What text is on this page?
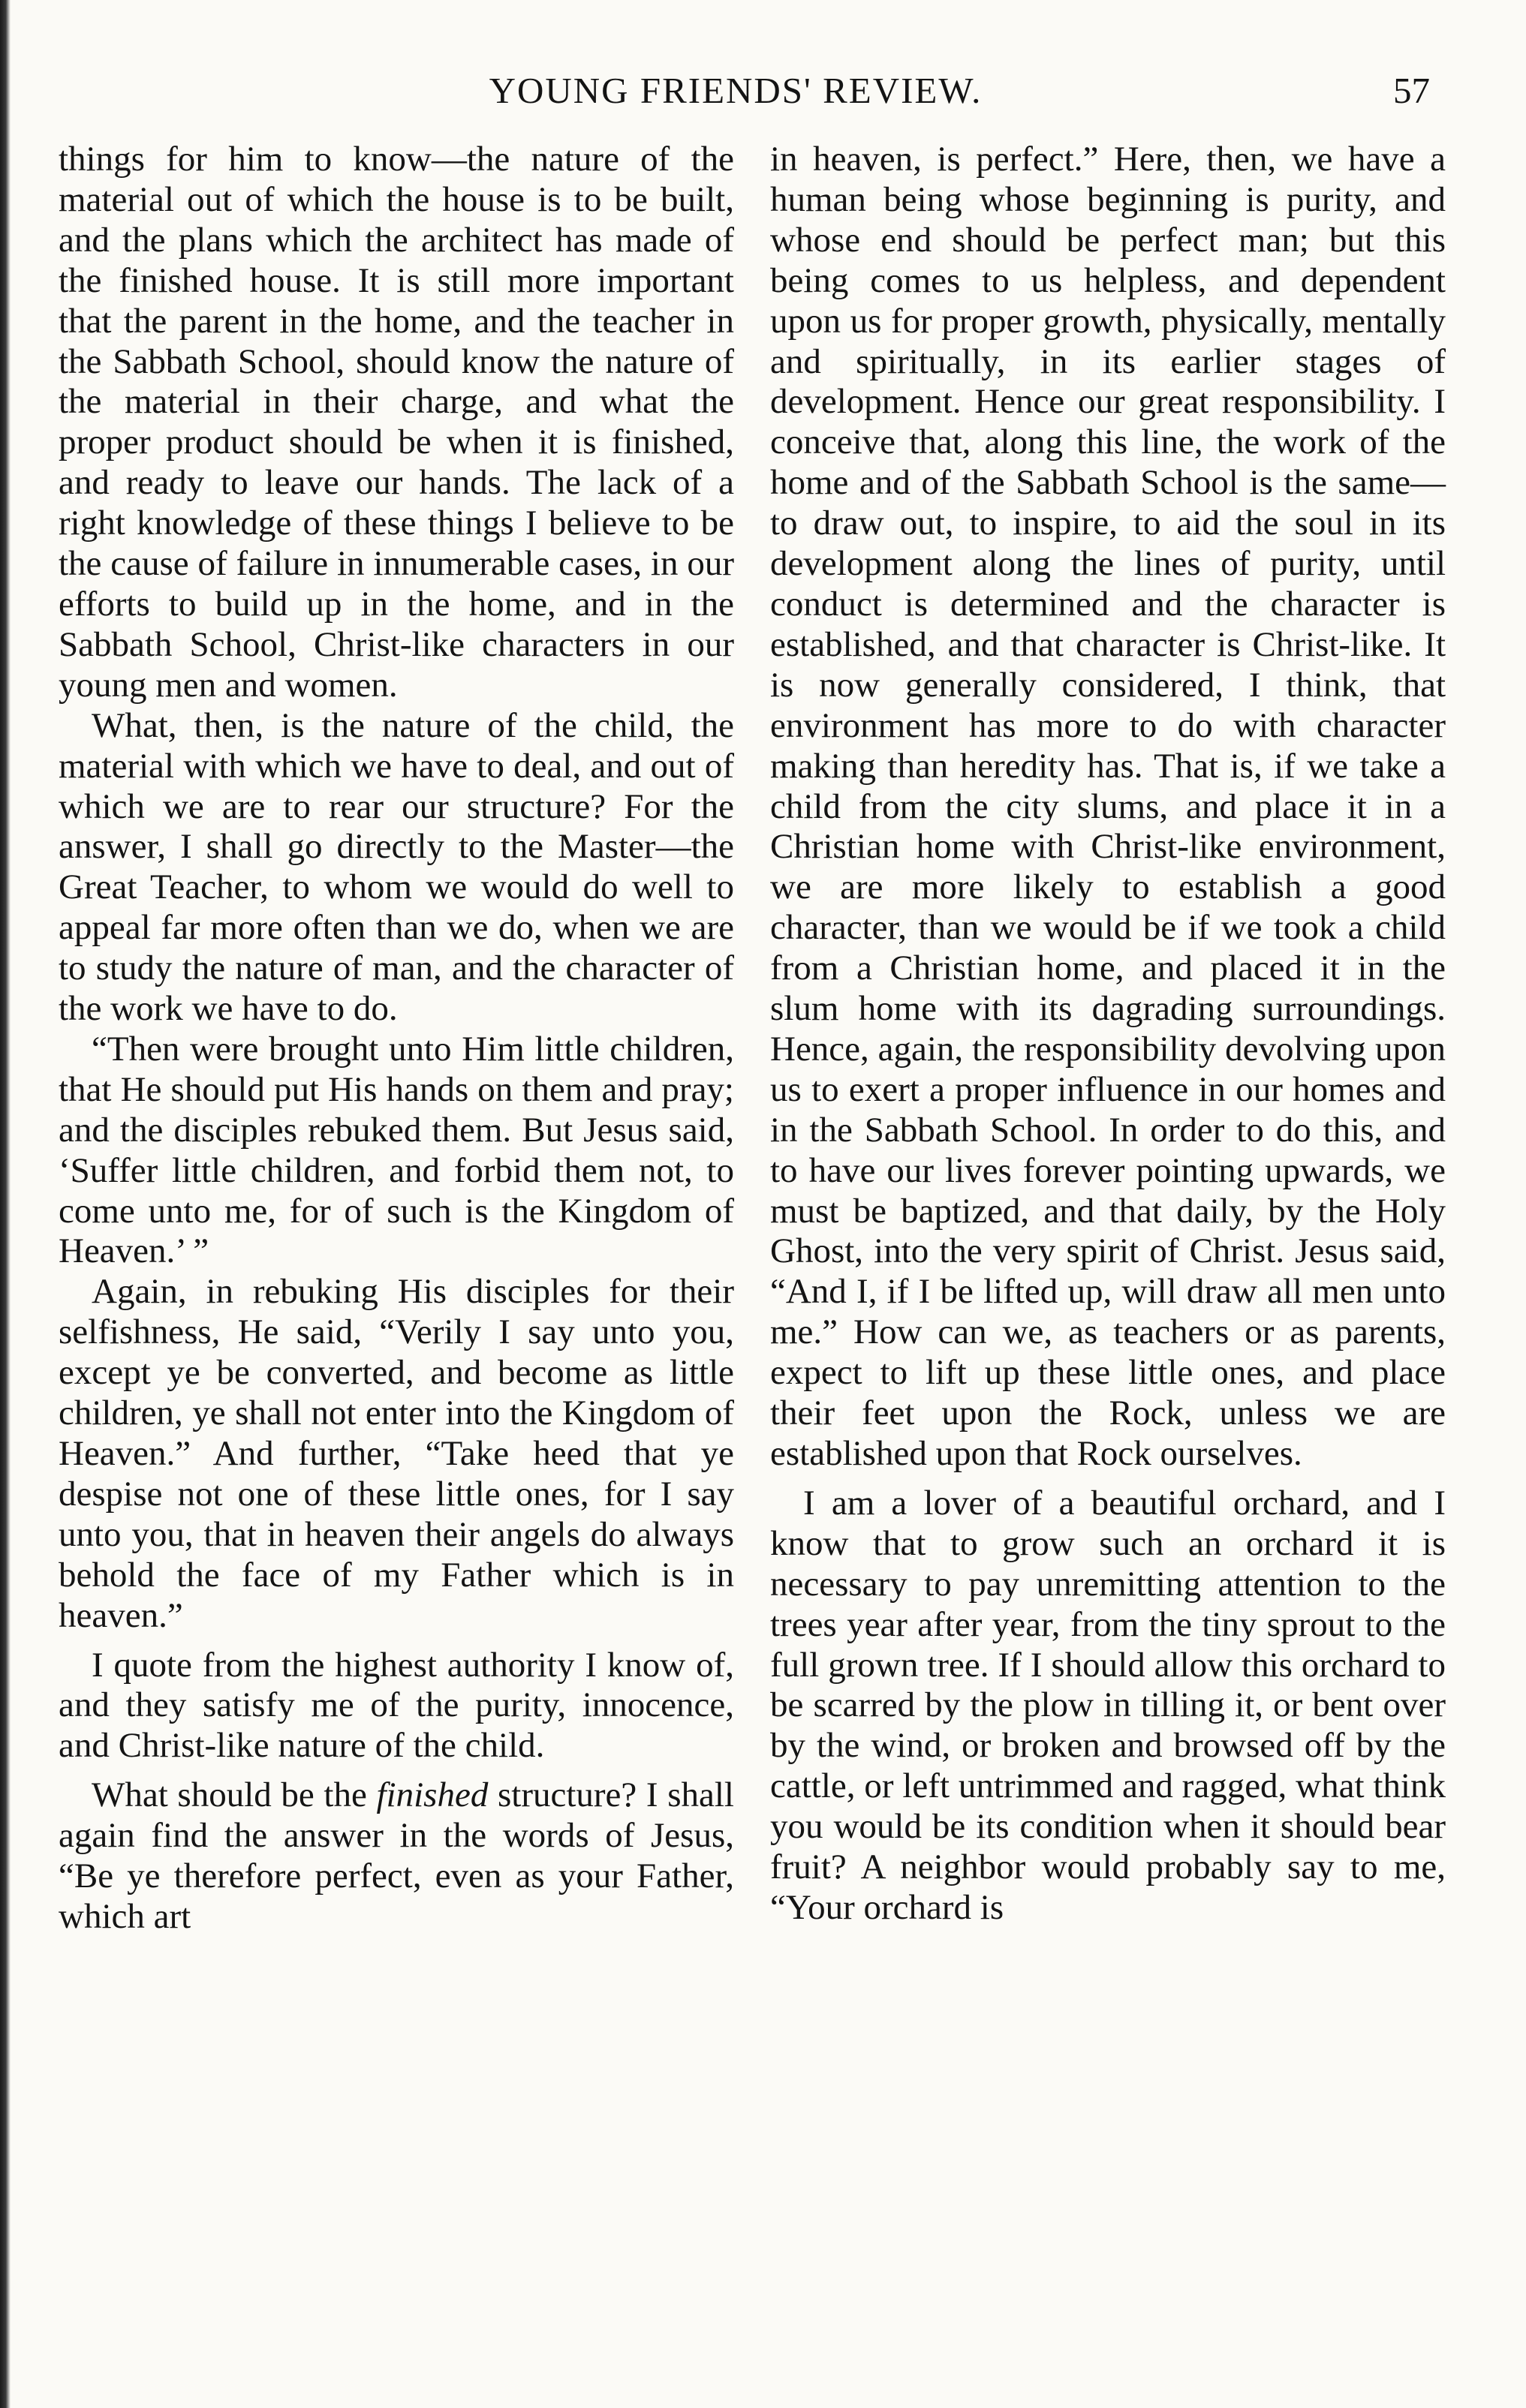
YOUNG FRIENDS' REVIEW.	57

things for him to know—the nature of the material out of which the house is to be built, and the plans which the architect has made of the finished house. It is still more important that the parent in the home, and the teacher in the Sabbath School, should know the nature of the material in their charge, and what the proper product should be when it is finished, and ready to leave our hands. The lack of a right knowledge of these things I believe to be the cause of failure in innumerable cases, in our efforts to build up in the home, and in the Sabbath School, Christ-like characters in our young men and women.

What, then, is the nature of the child, the material with which we have to deal, and out of which we are to rear our structure? For the answer, I shall go directly to the Master—the Great Teacher, to whom we would do well to appeal far more often than we do, when we are to study the nature of man, and the character of the work we have to do.

“Then were brought unto Him little children, that He should put His hands on them and pray; and the disciples rebuked them. But Jesus said, ‘Suffer little children, and forbid them not, to come unto me, for of such is the Kingdom of Heaven.’ ”

Again, in rebuking His disciples for their selfishness, He said, “Verily I say unto you, except ye be converted, and become as little children, ye shall not enter into the Kingdom of Heaven.” And further, “Take heed that ye despise not one of these little ones, for I say unto you, that in heaven their angels do always behold the face of my Father which is in heaven.”

I quote from the highest authority I know of, and they satisfy me of the purity, innocence, and Christ-like nature of the child.

What should be the finished structure? I shall again find the answer in the words of Jesus, “Be ye therefore perfect, even as your Father, which art

in heaven, is perfect.” Here, then, we have a human being whose beginning is purity, and whose end should be perfect man; but this being comes to us helpless, and dependent upon us for proper growth, physically, mentally and spiritually, in its earlier stages of development. Hence our great responsibility. I conceive that, along this line, the work of the home and of the Sabbath School is the same—to draw out, to inspire, to aid the soul in its development along the lines of purity, until conduct is determined and the character is established, and that character is Christ-like. It is now generally considered, I think, that environment has more to do with character making than heredity has. That is, if we take a child from the city slums, and place it in a Christian home with Christ-like environment, we are more likely to establish a good character, than we would be if we took a child from a Christian home, and placed it in the slum home with its dagrading surroundings. Hence, again, the responsibility devolving upon us to exert a proper influence in our homes and in the Sabbath School. In order to do this, and to have our lives forever pointing upwards, we must be baptized, and that daily, by the Holy Ghost, into the very spirit of Christ. Jesus said, “And I, if I be lifted up, will draw all men unto me.” How can we, as teachers or as parents, expect to lift up these little ones, and place their feet upon the Rock, unless we are established upon that Rock ourselves.

I am a lover of a beautiful orchard, and I know that to grow such an orchard it is necessary to pay unremitting attention to the trees year after year, from the tiny sprout to the full grown tree. If I should allow this orchard to be scarred by the plow in tilling it, or bent over by the wind, or broken and browsed off by the cattle, or left untrimmed and ragged, what think you would be its condition when it should bear fruit? A neighbor would probably say to me, “Your orchard is
